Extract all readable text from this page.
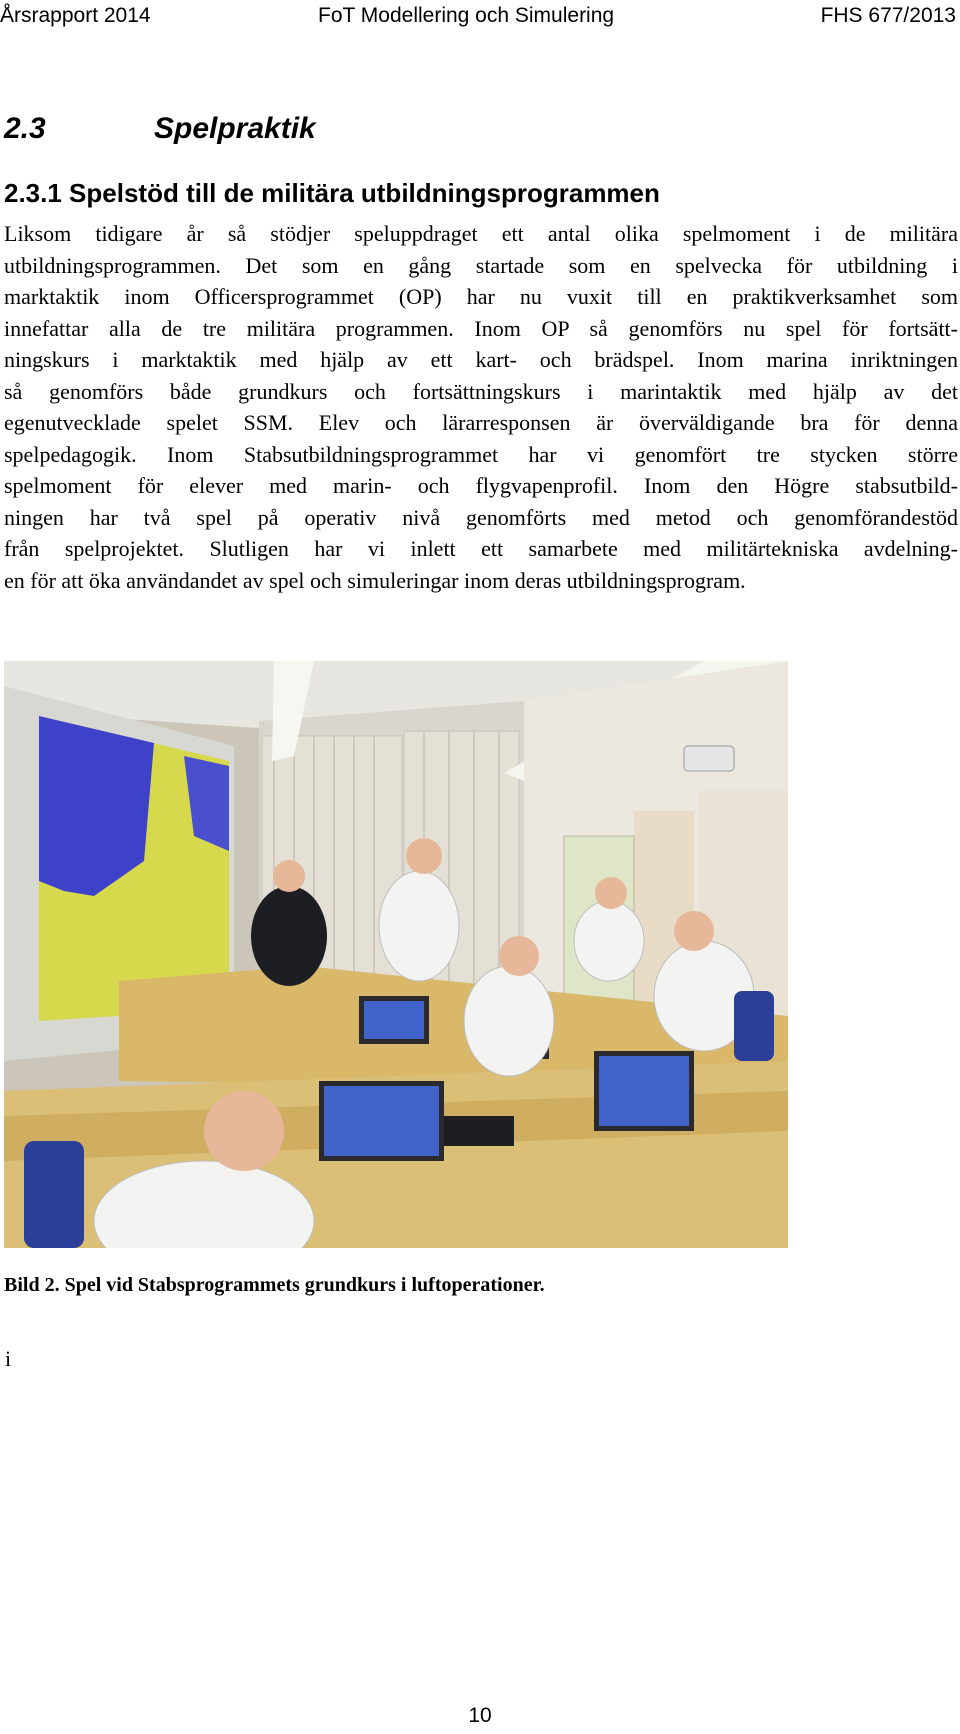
Årsrapport 2014	FoT Modellering och Simulering	FHS 677/2013
2.3	Spelpraktik
2.3.1 Spelstöd till de militära utbildningsprogrammen

Liksom tidigare år så stödjer speluppdraget ett antal olika spelmoment i de militära
utbildningsprogrammen. Det som en gång startade som en spelvecka för utbildning i
marktaktik inom Officersprogrammet (OP) har nu vuxit till en praktikverksamhet som
innefattar alla de tre militära programmen. Inom OP så genomförs nu spel för fortsätt-
ningskurs i marktaktik med hjälp av ett kart- och brädspel. Inom marina inriktningen
så genomförs både grundkurs och fortsättningskurs i marintaktik med hjälp av det
egenutvecklade spelet SSM. Elev och lärarresponsen är överväldigande bra för denna
spelpedagogik. Inom Stabsutbildningsprogrammet har vi genomfört tre stycken större
spelmoment för elever med marin- och flygvapenprofil. Inom den Högre stabsutbild-
ningen har två spel på operativ nivå genomförts med metod och genomförandestöd
från spelprojektet. Slutligen har vi inlett ett samarbete med militärtekniska avdelning-
en för att öka användandet av spel och simuleringar inom deras utbildningsprogram.

Bild 2. Spel vid Stabsprogrammets grundkurs i luftoperationer.
i
10
